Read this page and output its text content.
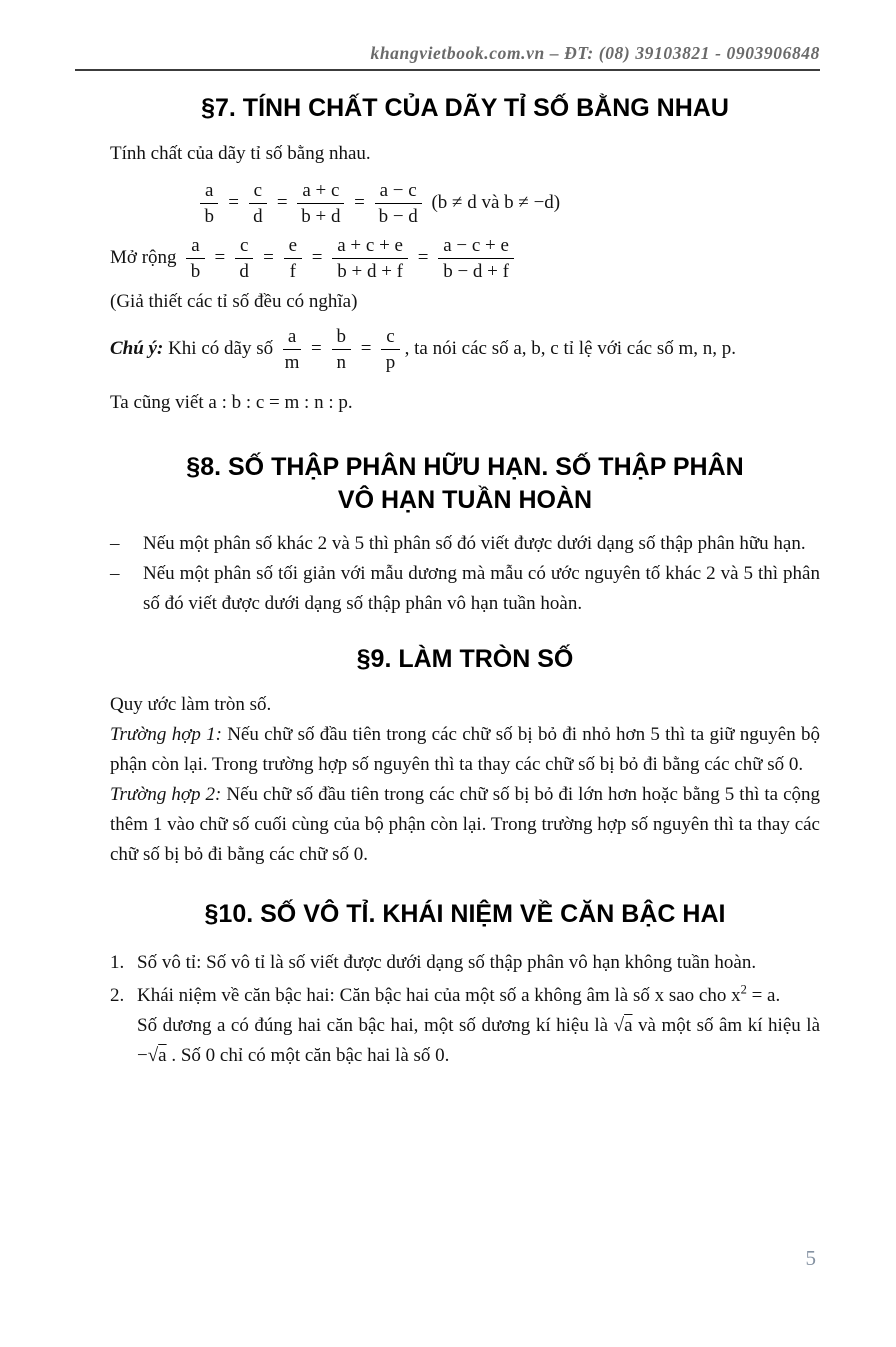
khangvietbook.com.vn – ĐT: (08) 39103821 - 0903906848
§7. TÍNH CHẤT CỦA DÃY TỈ SỐ BẰNG NHAU

Tính chất của dãy tỉ số bằng nhau.

$\frac{a}{b} = \frac{c}{d} = \frac{a + c}{b + d} = \frac{a - c}{b - d} (b \ne d$ và b ≠ −d)
Mở rộng $\frac{a}{b} = \frac{c}{d} = \frac{e}{f} = \frac{a + c + e}{b + d + f} = \frac{a - c + e}{b - d + f}$

(Giả thiết các tỉ số đều có nghĩa)

Chú ý: Khi có dãy số $\frac{a}{m} = \frac{b}{n} = \frac{c}{p}$ , ta nói các số a, b, c tỉ lệ với các số m, n, p.

Ta cũng viết a : b : c = m : n : p.

§8. SỐ THẬP PHÂN HỮU HẠN. SỐ THẬP PHÂN
VÔ HẠN TUẦN HOÀN
–	Nếu một phân số khác 2 và 5 thì phân số đó viết được dưới dạng số thập phân hữu hạn.
–	Nếu một phân số tối giản với mẫu dương mà mẫu có ước nguyên tố khác 2 và 5 thì phân số đó viết được dưới dạng số thập phân vô hạn tuần hoàn.
§9. LÀM TRÒN SỐ

Quy ước làm tròn số.

Trường hợp 1: Nếu chữ số đầu tiên trong các chữ số bị bỏ đi nhỏ hơn 5 thì ta giữ nguyên bộ phận còn lại. Trong trường hợp số nguyên thì ta thay các chữ số bị bỏ đi bằng các chữ số 0.

Trường hợp 2: Nếu chữ số đầu tiên trong các chữ số bị bỏ đi lớn hơn hoặc bằng 5 thì ta cộng thêm 1 vào chữ số cuối cùng của bộ phận còn lại. Trong trường hợp số nguyên thì ta thay các chữ số bị bỏ đi bằng các chữ số 0.

§10. SỐ VÔ TỈ. KHÁI NIỆM VỀ CĂN BẬC HAI
1. Số vô tỉ: Số vô tỉ là số viết được dưới dạng số thập phân vô hạn không tuần hoàn.
2. Khái niệm về căn bậc hai: Căn bậc hai của một số a không âm là số x sao cho $x^2 = a$.

Số dương a có đúng hai căn bậc hai, một số dương kí hiệu là √a và một số âm kí hiệu là −√a . Số 0 chỉ có một căn bậc hai là số 0.

5
